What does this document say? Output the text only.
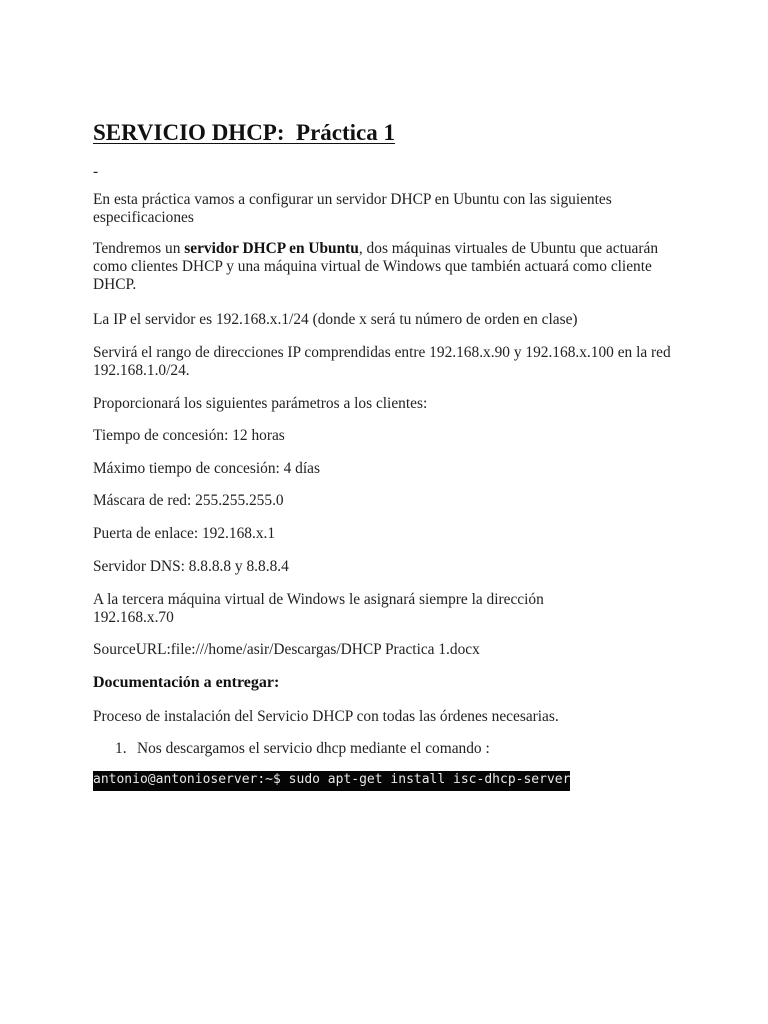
SERVICIO DHCP:  Práctica 1

-

En esta práctica vamos a configurar un servidor DHCP en Ubuntu con las siguientes especificaciones

Tendremos un servidor DHCP en Ubuntu, dos máquinas virtuales de Ubuntu que actuarán como clientes DHCP y una máquina virtual de Windows que también actuará como cliente DHCP.

La IP el servidor es 192.168.x.1/24 (donde x será tu número de orden en clase)

Servirá el rango de direcciones IP comprendidas entre 192.168.x.90 y 192.168.x.100 en la red 192.168.1.0/24.

Proporcionará los siguientes parámetros a los clientes:

Tiempo de concesión: 12 horas

Máximo tiempo de concesión: 4 días

Máscara de red: 255.255.255.0

Puerta de enlace: 192.168.x.1

Servidor DNS: 8.8.8.8 y 8.8.8.4

A la tercera máquina virtual de Windows le asignará siempre la dirección 192.168.x.70

SourceURL:file:///home/asir/Descargas/DHCP Practica 1.docx

Documentación a entregar:

Proceso de instalación del Servicio DHCP con todas las órdenes necesarias.

1. Nos descargamos el servicio dhcp mediante el comando :

antonio@antonioserver:~$ sudo apt-get install isc-dhcp-server
